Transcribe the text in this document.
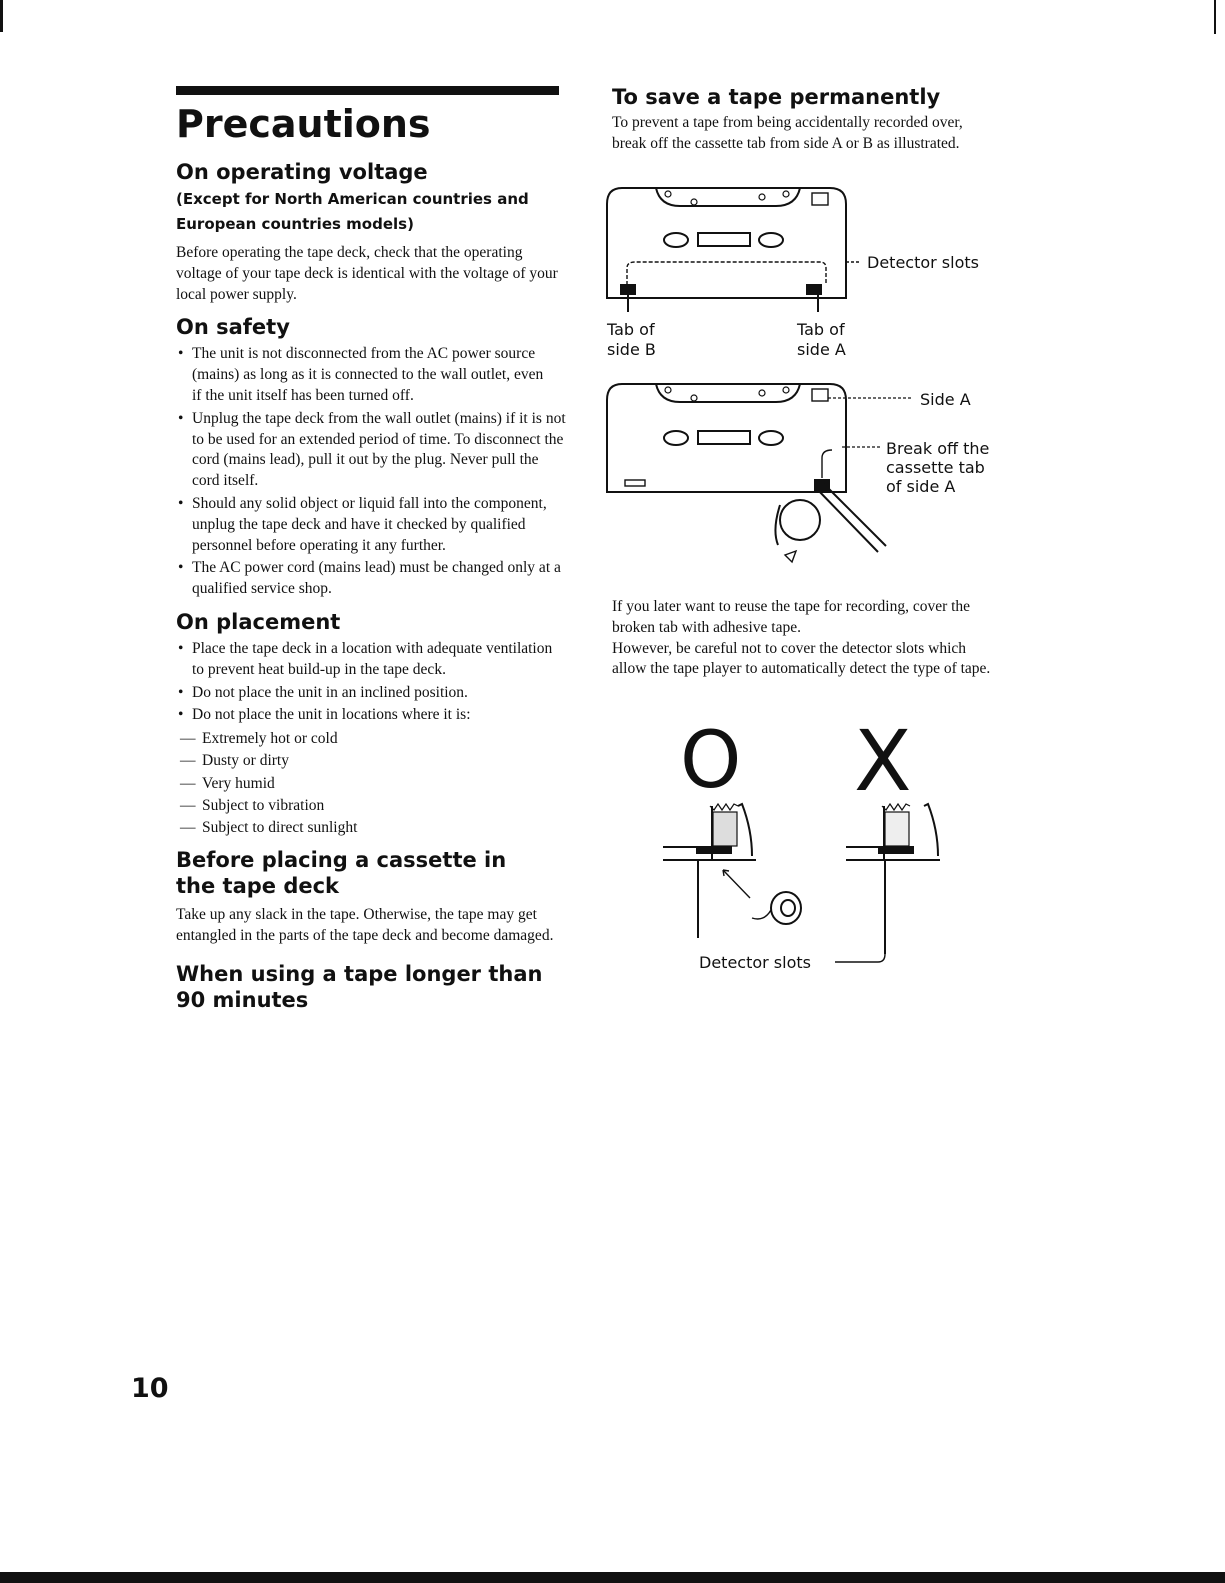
Precautions
On operating voltage
(Except for North American countries and European countries models)

Before operating the tape deck, check that the operating voltage of your tape deck is identical with the voltage of your local power supply.

On safety
• The unit is not disconnected from the AC power source (mains) as long as it is connected to the wall outlet, even if the unit itself has been turned off.
• Unplug the tape deck from the wall outlet (mains) if it is not to be used for an extended period of time. To disconnect the cord (mains lead), pull it out by the plug. Never pull the cord itself.
• Should any solid object or liquid fall into the component, unplug the tape deck and have it checked by qualified personnel before operating it any further.
• The AC power cord (mains lead) must be changed only at a qualified service shop.
On placement
• Place the tape deck in a location with adequate ventilation to prevent heat build-up in the tape deck.
• Do not place the unit in an inclined position.
• Do not place the unit in locations where it is:
— Extremely hot or cold
— Dusty or dirty
— Very humid
— Subject to vibration
— Subject to direct sunlight
Before placing a cassette in the tape deck

Take up any slack in the tape. Otherwise, the tape may get entangled in the parts of the tape deck and become damaged.

When using a tape longer than 90 minutes
To save a tape permanently

To prevent a tape from being accidentally recorded over, break off the cassette tab from side A or B as illustrated.

Detector slots
Tab of
side B
Tab of
side A
Side A
Break off the
cassette tab
of side A

If you later want to reuse the tape for recording, cover the broken tab with adhesive tape.

However, be careful not to cover the detector slots which allow the tape player to automatically detect the type of tape.

O X
Detector slots
10
